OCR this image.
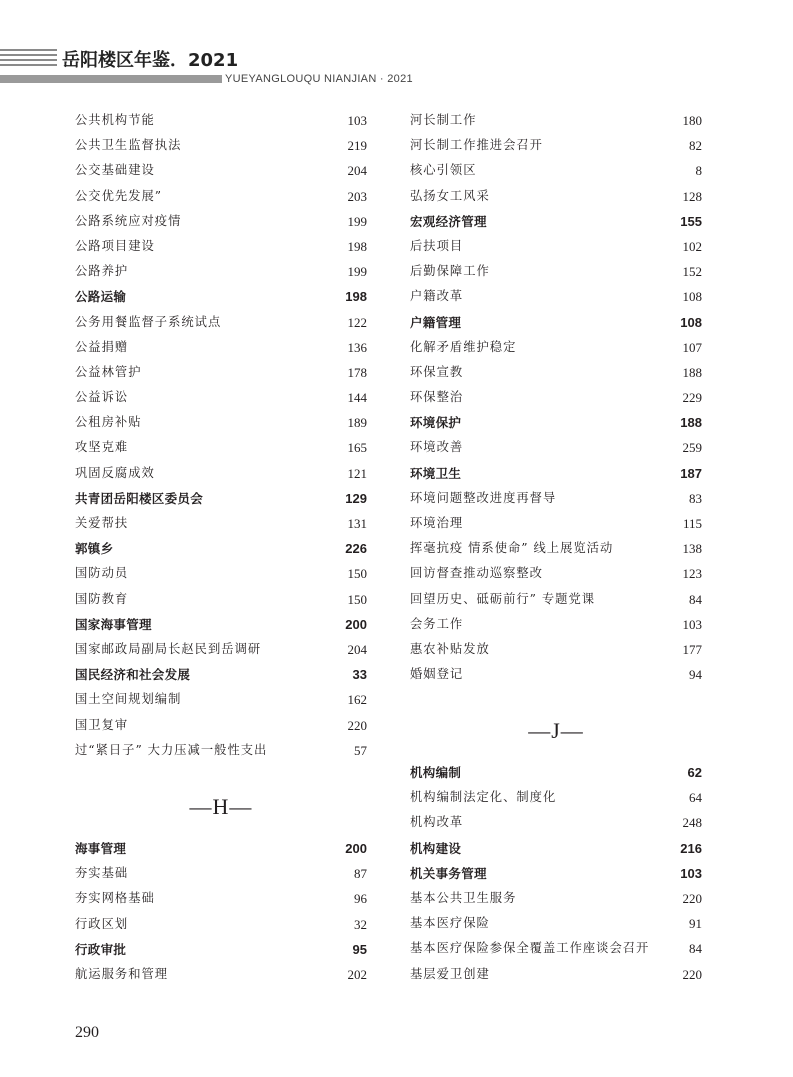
岳阳楼区年鉴．2021
YUEYANGLOUQU NIANJIAN · 2021
公共机构节能	103
公共卫生监督执法	219
公交基础建设	204
公交优先发展”	203
公路系统应对疫情	199
公路项目建设	198
公路养护	199
公路运输	198
公务用餐监督子系统试点	122
公益捐赠	136
公益林管护	178
公益诉讼	144
公租房补贴	189
攻坚克难	165
巩固反腐成效	121
共青团岳阳楼区委员会	129
关爱帮扶	131
郭镇乡	226
国防动员	150
国防教育	150
国家海事管理	200
国家邮政局副局长赵民到岳调研	204
国民经济和社会发展	33
国土空间规划编制	162
国卫复审	220
过“紧日子” 大力压减一般性支出	57
—H—
海事管理	200
夯实基础	87
夯实网格基础	96
行政区划	32
行政审批	95
航运服务和管理	202
河长制工作	180
河长制工作推进会召开	82
核心引领区	8
弘扬女工风采	128
宏观经济管理	155
后扶项目	102
后勤保障工作	152
户籍改革	108
户籍管理	108
化解矛盾维护稳定	107
环保宣教	188
环保整治	229
环境保护	188
环境改善	259
环境卫生	187
环境问题整改进度再督导	83
环境治理	115
挥毫抗疫 情系使命” 线上展览活动	138
回访督查推动巡察整改	123
回望历史、砥砺前行” 专题党课	84
会务工作	103
惠农补贴发放	177
婚姻登记	94
—J—
机构编制	62
机构编制法定化、制度化	64
机构改革	248
机构建设	216
机关事务管理	103
基本公共卫生服务	220
基本医疗保险	91
基本医疗保险参保全覆盖工作座谈会召开	84
基层爱卫创建	220
290
